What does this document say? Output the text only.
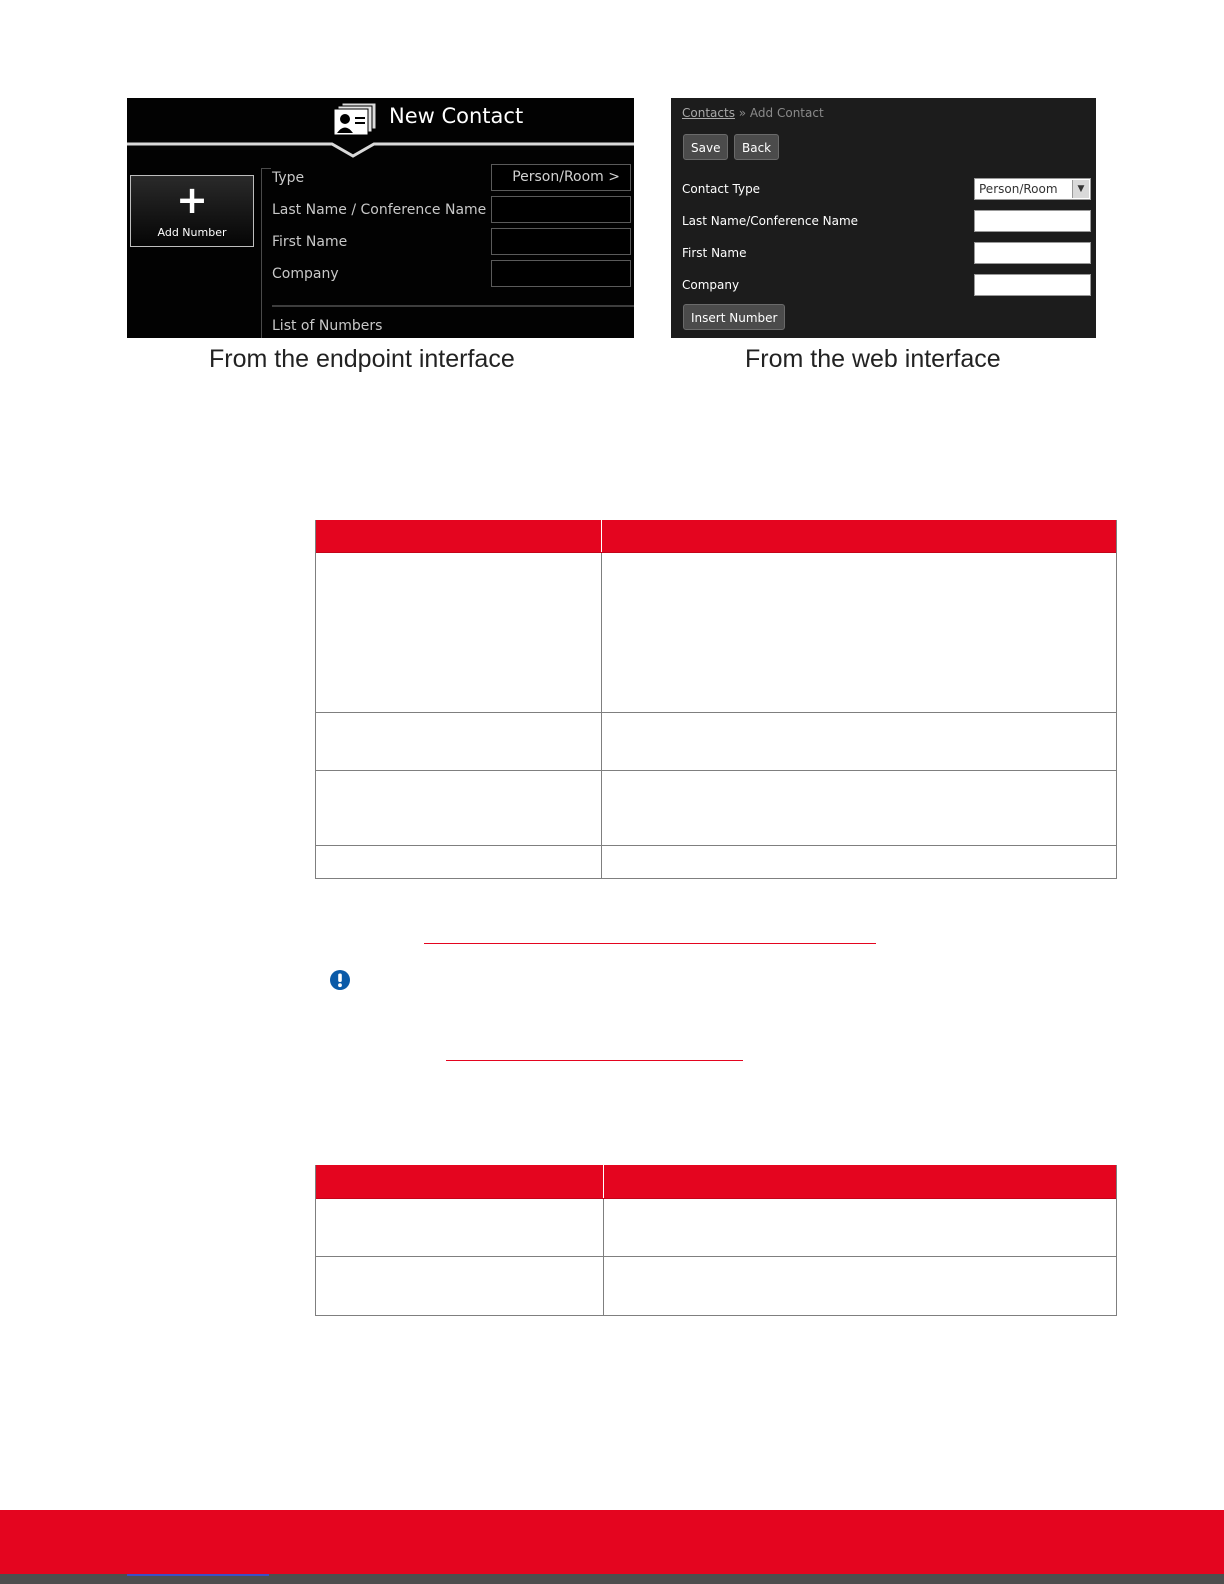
New Contact
+
Add Number
Type	Person/Room >
Last Name / Conference Name
First Name
Company
List of Numbers
From the endpoint interface
Contacts » Add Contact
Save	Back
Contact Type	Person/Room	▼
Last Name/Conference Name
First Name
Company
Insert Number
From the web interface
